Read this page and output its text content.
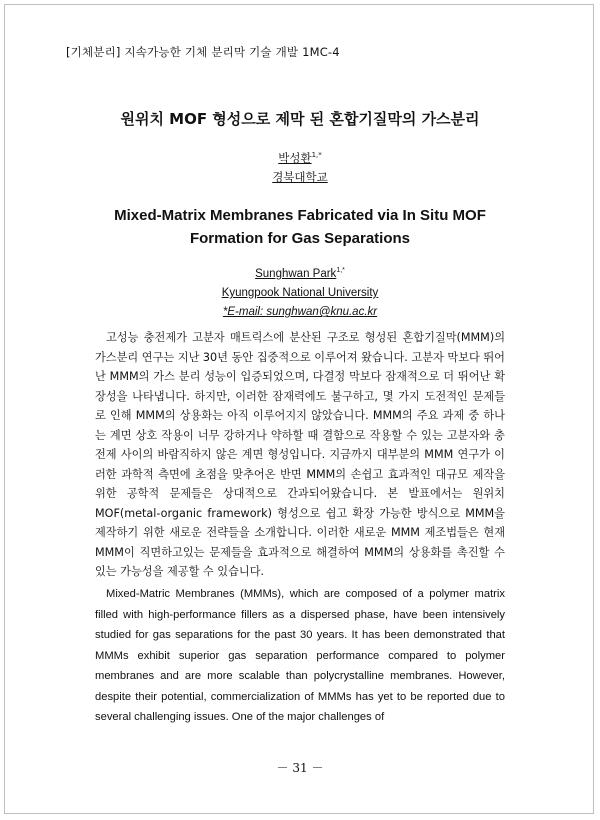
[기체분리] 지속가능한 기체 분리막 기술 개발 1MC-4
원위치 MOF 형성으로 제막 된 혼합기질막의 가스분리
박성환$^{1,*}$
경북대학교
Mixed-Matrix Membranes Fabricated via In Situ MOF
Formation for Gas Separations
Sunghwan Park$^{1,*}$
Kyungpook National University
*E-mail: sunghwan@knu.ac.kr

고성능 충전제가 고분자 매트릭스에 분산된 구조로 형성된 혼합기질막(MMM)의 가스분리 연구는 지난 30년 동안 집중적으로 이루어져 왔습니다. 고분자 막보다 뛰어난 MMM의 가스 분리 성능이 입증되었으며, 다결정 막보다 잠재적으로 더 뛰어난 확장성을 나타냅니다. 하지만, 이러한 잠재력에도 불구하고, 몇 가지 도전적인 문제들로 인해 MMM의 상용화는 아직 이루어지지 않았습니다. MMM의 주요 과제 중 하나는 계면 상호 작용이 너무 강하거나 약하할 때 결함으로 작용할 수 있는 고분자와 충전제 사이의 바람직하지 않은 계면 형성입니다. 지금까지 대부분의 MMM 연구가 이러한 과학적 측면에 초점을 맞추어온 반면 MMM의 손쉽고 효과적인 대규모 제작을 위한 공학적 문제들은 상대적으로 간과되어왔습니다. 본 발표에서는 원위치 MOF(metal-organic framework) 형성으로 쉽고 확장 가능한 방식으로 MMM을 제작하기 위한 새로운 전략들을 소개합니다. 이러한 새로운 MMM 제조법들은 현재 MMM이 직면하고있는 문제들을 효과적으로 해결하여 MMM의 상용화를 촉진할 수 있는 가능성을 제공할 수 있습니다.

Mixed-Matric Membranes (MMMs), which are composed of a polymer matrix filled with high-performance fillers as a dispersed phase, have been intensively studied for gas separations for the past 30 years. It has been demonstrated that MMMs exhibit superior gas separation performance compared to polymer membranes and are more scalable than polycrystalline membranes. However, despite their potential, commercialization of MMMs has yet to be reported due to several challenging issues. One of the major challenges of

－ 31 －
